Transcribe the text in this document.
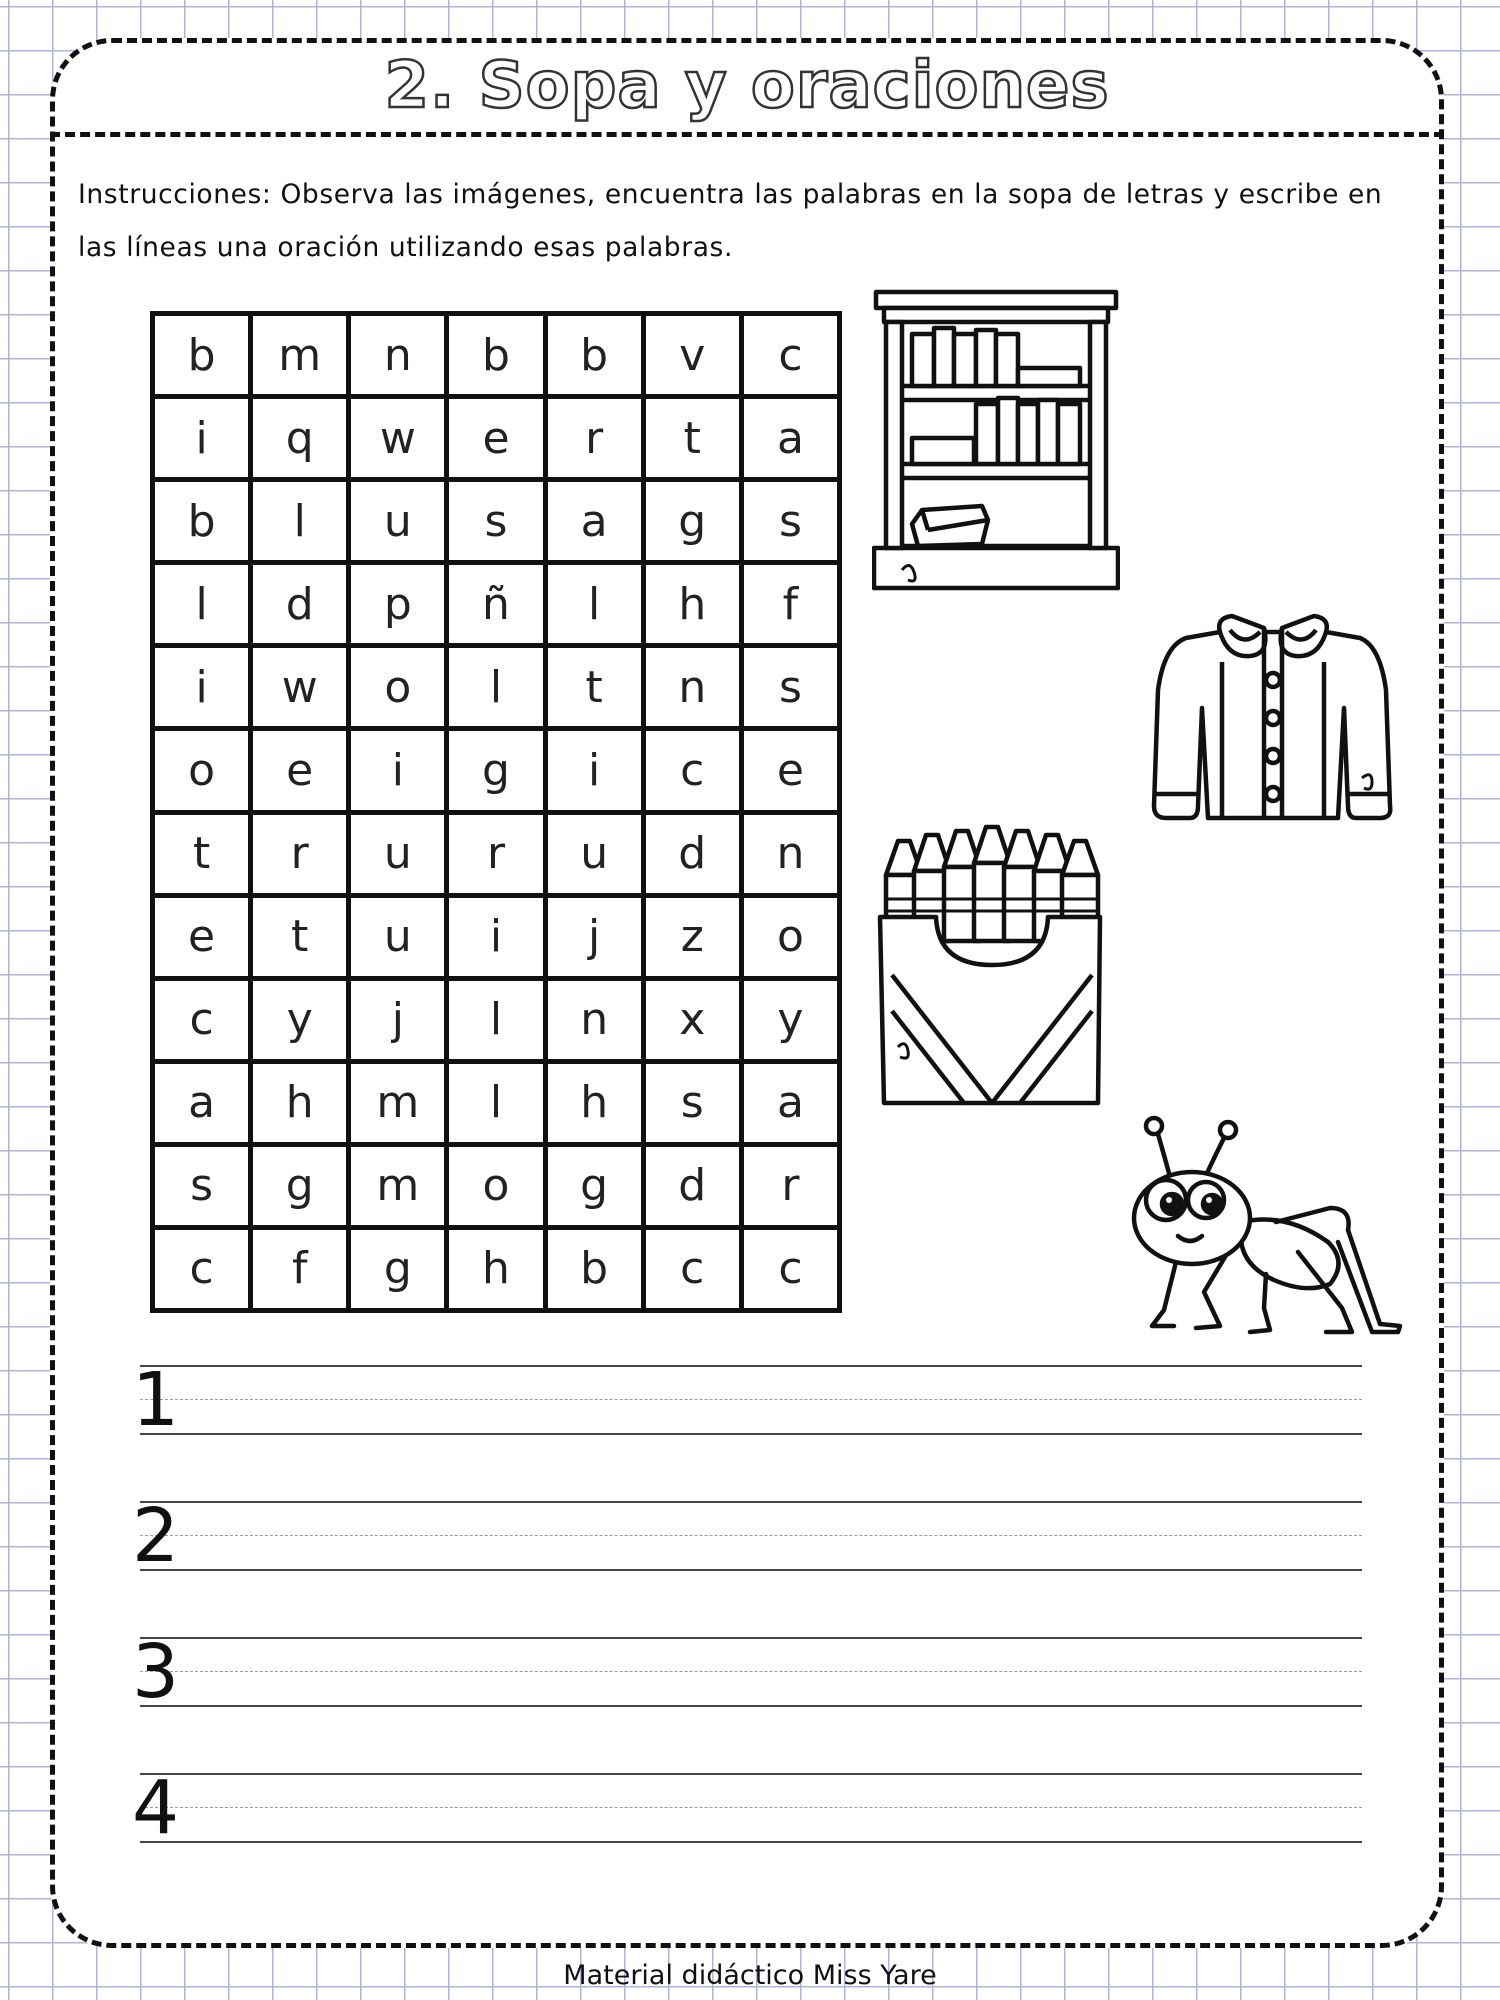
2. Sopa y oraciones
Instrucciones: Observa las imágenes, encuentra las palabras en la sopa de letras y escribe en las líneas una oración utilizando esas palabras.
b	m	n	b	b	v	c
i	q	w	e	r	t	a
b	l	u	s	a	g	s
l	d	p	ñ	l	h	f
i	w	o	l	t	n	s
o	e	i	g	i	c	e
t	r	u	r	u	d	n
e	t	u	i	j	z	o
c	y	j	l	n	x	y
a	h	m	l	h	s	a
s	g	m	o	g	d	r
c	f	g	h	b	c	c
1
2
3
4
Material didáctico Miss Yare
